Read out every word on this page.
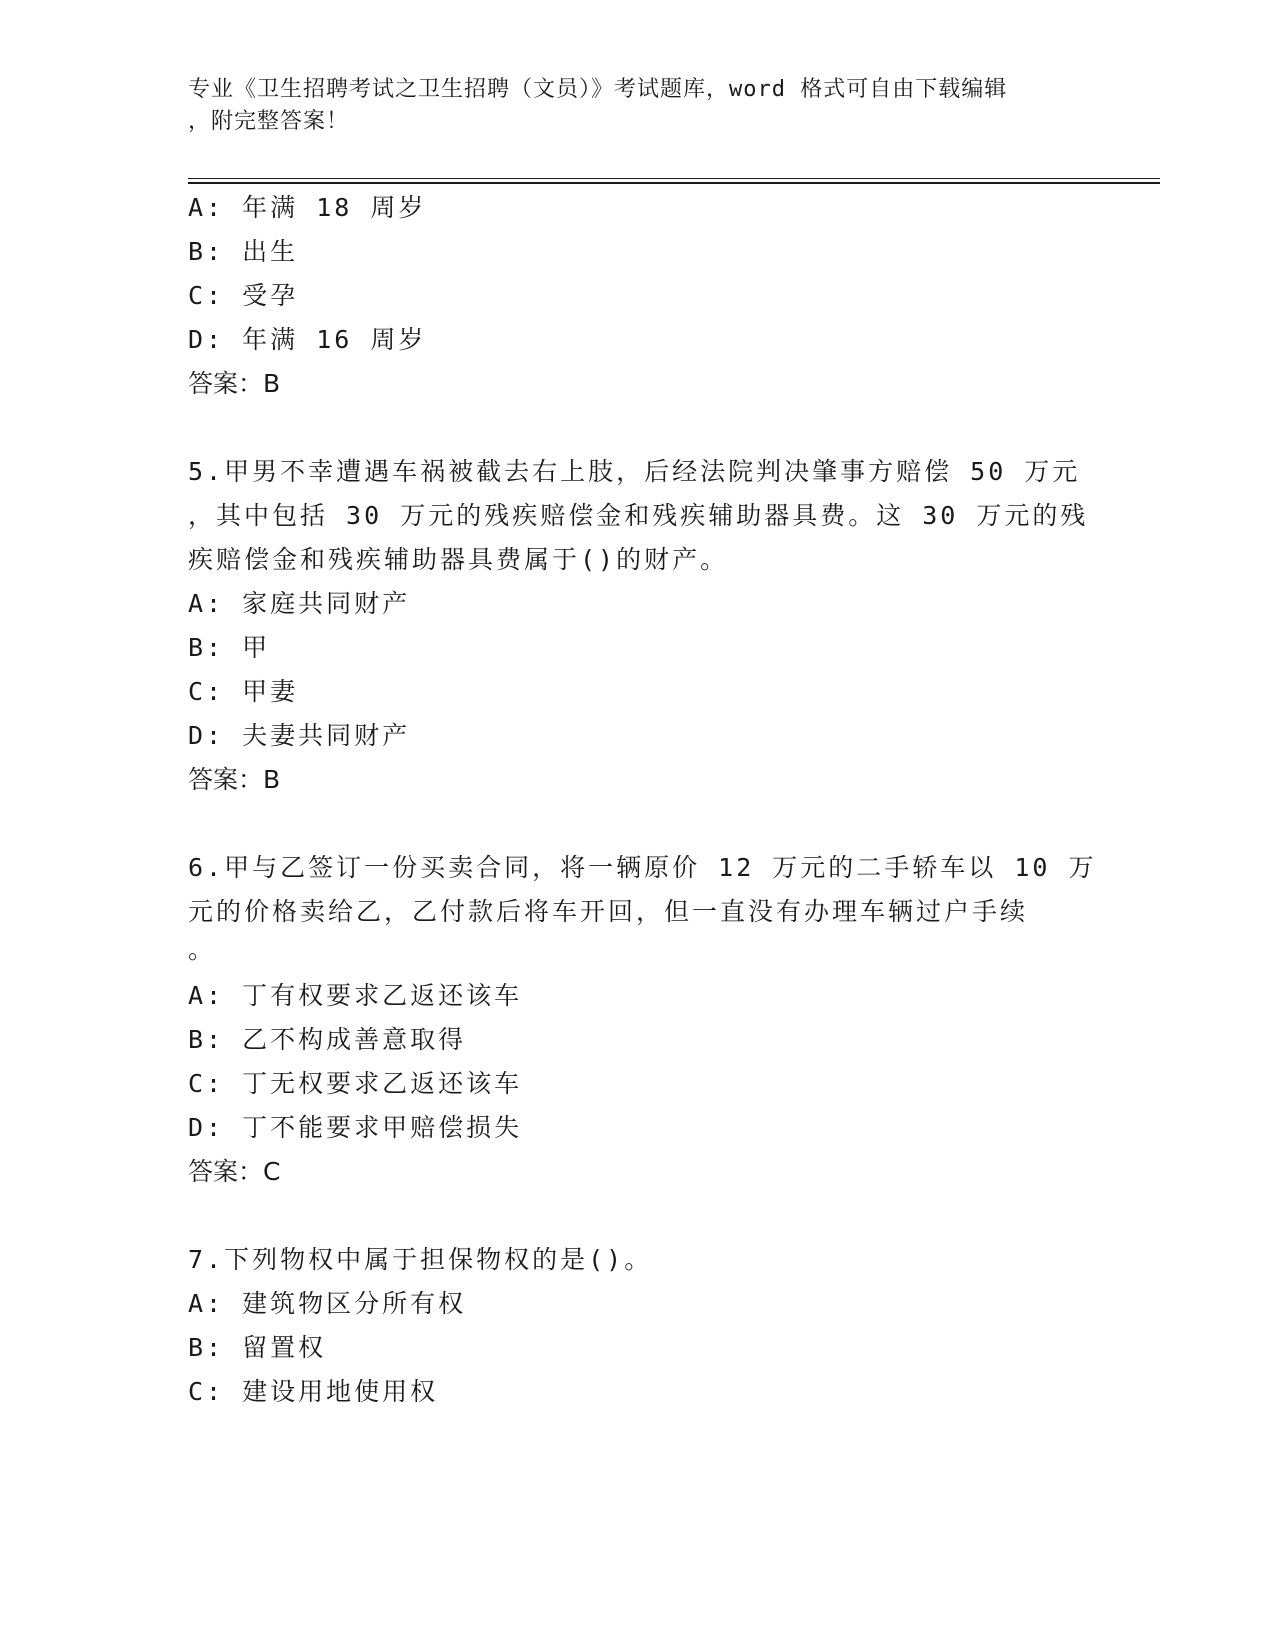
专业《卫生招聘考试之卫生招聘（文员）》考试题库，word 格式可自由下载编辑
，附完整答案！
A: 年满 18 周岁
B: 出生
C: 受孕
D: 年满 16 周岁
答案：B
5.甲男不幸遭遇车祸被截去右上肢，后经法院判决肇事方赔偿 50 万元
，其中包括 30 万元的残疾赔偿金和残疾辅助器具费。这 30 万元的残
疾赔偿金和残疾辅助器具费属于()的财产。
A: 家庭共同财产
B: 甲
C: 甲妻
D: 夫妻共同财产
答案：B
6.甲与乙签订一份买卖合同，将一辆原价 12 万元的二手轿车以 10 万
元的价格卖给乙，乙付款后将车开回，但一直没有办理车辆过户手续
。
A: 丁有权要求乙返还该车
B: 乙不构成善意取得
C: 丁无权要求乙返还该车
D: 丁不能要求甲赔偿损失
答案：C
7.下列物权中属于担保物权的是()。
A: 建筑物区分所有权
B: 留置权
C: 建设用地使用权
